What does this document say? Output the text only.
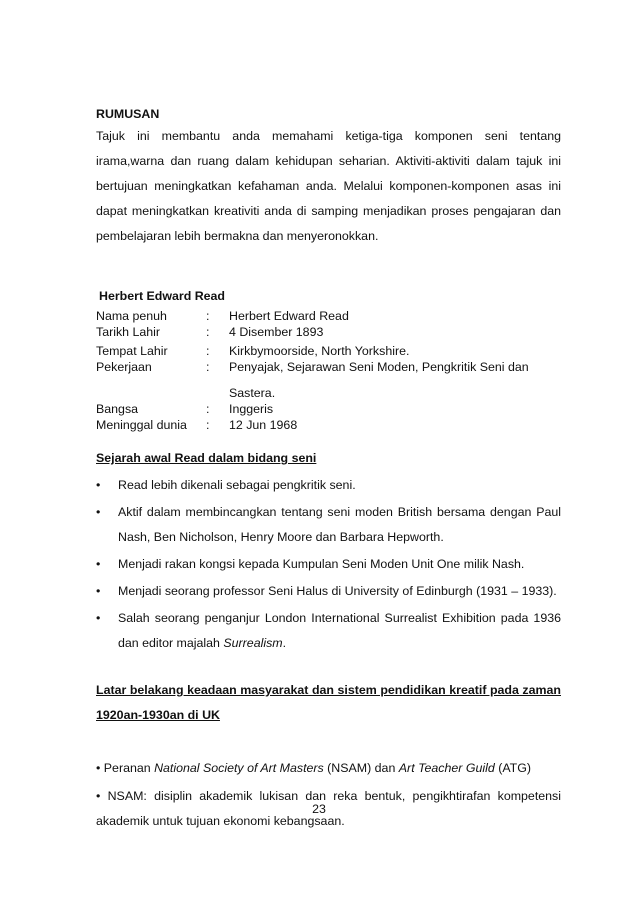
RUMUSAN

Tajuk ini membantu anda memahami ketiga-tiga komponen seni tentang irama,warna dan ruang dalam kehidupan seharian. Aktiviti-aktiviti dalam tajuk ini bertujuan meningkatkan kefahaman anda. Melalui komponen-komponen asas ini dapat meningkatkan kreativiti anda di samping menjadikan proses pengajaran dan pembelajaran lebih bermakna dan menyeronokkan.

Herbert Edward Read

Nama penuh	:	Herbert Edward Read
Tarikh Lahir	:	4 Disember 1893
Tempat Lahir	:	Kirkbymoorside, North Yorkshire.
Pekerjaan	:	Penyajak, Sejarawan Seni Moden, Pengkritik Seni dan
Sastera.
Bangsa	:	Inggeris
Meninggal dunia	:	12 Jun 1968

Sejarah awal Read dalam bidang seni

• Read lebih dikenali sebagai pengkritik seni.
• Aktif dalam membincangkan tentang seni moden British bersama dengan Paul Nash, Ben Nicholson, Henry Moore dan Barbara Hepworth.
• Menjadi rakan kongsi kepada Kumpulan Seni Moden Unit One milik Nash.
• Menjadi seorang professor Seni Halus di University of Edinburgh (1931 – 1933).
• Salah seorang penganjur London International Surrealist Exhibition pada 1936 dan editor majalah Surrealism.

Latar belakang keadaan masyarakat dan sistem pendidikan kreatif pada zaman 1920an-1930an di UK

• Peranan National Society of Art Masters (NSAM) dan Art Teacher Guild (ATG)
• NSAM: disiplin akademik lukisan dan reka bentuk, pengikhtirafan kompetensi akademik untuk tujuan ekonomi kebangsaan.
23
